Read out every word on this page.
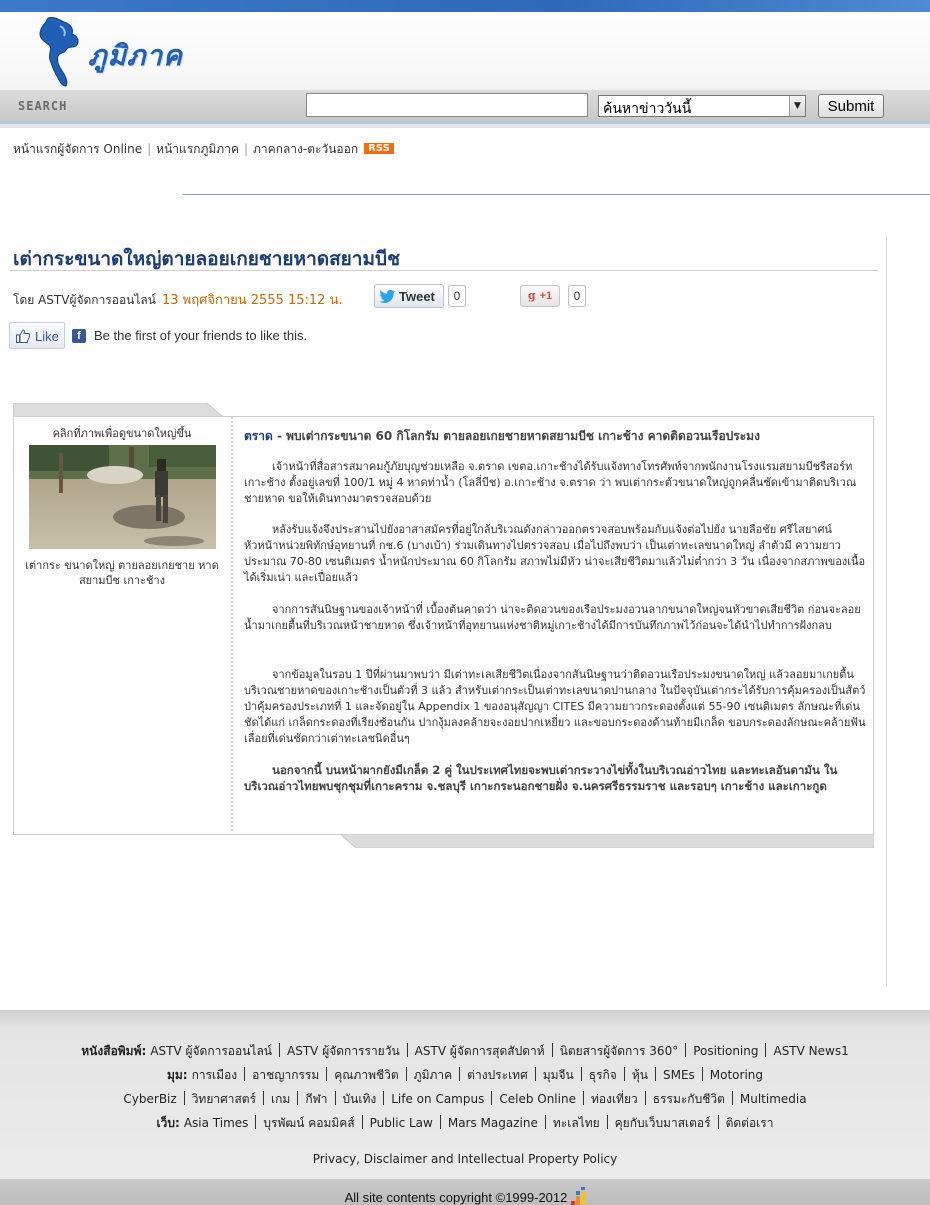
ภูมิภาค
SEARCH	ค้นหาข่าววันนี้	▼	Submit
หน้าแรกผู้จัดการ Online | หน้าแรกภูมิภาค | ภาคกลาง-ตะวันออก RSS
เต่ากระขนาดใหญ่ตายลอยเกยชายหาดสยามบีช
โดย ASTVผู้จัดการออนไลน์ 13 พฤศจิกายน 2555 15:12 น.	Tweet	0	g +1	0
Like	f	Be the first of your friends to like this.
คลิกที่ภาพเพื่อดูขนาดใหญ่ขึ้น
เต่ากระ ขนาดใหญ่ ตายลอยเกยชาย หาดสยามบีช เกาะช้าง
ตราด - พบเต่ากระขนาด 60 กิโลกรัม ตายลอยเกยชายหาดสยามบีช เกาะช้าง คาดติดอวนเรือประมง

เจ้าหน้าที่สื่อสารสมาคมกู้ภัยบุญช่วยเหลือ จ.ตราด เขตอ.เกาะช้างได้รับแจ้งทางโทรศัพท์จากพนักงานโรงแรมสยามบีชรีสอร์ทเกาะช้าง ตั้งอยู่เลขที่ 100/1 หมู่ 4 หาดท่าน้ำ (โลลี่บีช) อ.เกาะช้าง จ.ตราด ว่า พบเต่ากระตัวขนาดใหญ่ถูกคลื่นซัดเข้ามาติดบริเวณชายหาด ขอให้เดินทางมาตรวจสอบด้วย

หลังรับแจ้งจึงประสานไปยังอาสาสมัครที่อยู่ใกล้บริเวณดังกล่าวออกตรวจสอบพร้อมกับแจ้งต่อไปยัง นายลือชัย ศรีไสยาศน์ หัวหน้าหน่วยพิทักษ์อุทยานที่ กช.6 (บางเบ้า) ร่วมเดินทางไปตรวจสอบ เมื่อไปถึงพบว่า เป็นเต่าทะเลขนาดใหญ่ ลำตัวมี ความยาวประมาณ 70-80 เซนติเมตร น้ำหนักประมาณ 60 กิโลกรัม สภาพไม่มีหัว น่าจะเสียชีวิตมาแล้วไม่ต่ำกว่า 3 วัน เนื่องจากสภาพของเนื้อได้เริ่มเน่า และเปื่อยแล้ว

จากการสันนิษฐานของเจ้าหน้าที่ เบื้องต้นคาดว่า น่าจะติดอวนของเรือประมงอวนลากขนาดใหญ่จนหัวขาดเสียชีวิต ก่อนจะลอยน้ำมาเกยตื้นที่บริเวณหน้าชายหาด ซึ่งเจ้าหน้าที่อุทยานแห่งชาติหมู่เกาะช้างได้มีการบันทึกภาพไว้ก่อนจะได้นำไปทำการฝังกลบ

จากข้อมูลในรอบ 1 ปีที่ผ่านมาพบว่า มีเต่าทะเลเสียชีวิตเนื่องจากสันนิษฐานว่าติดอวนเรือประมงขนาดใหญ่ แล้วลอยมาเกยตื้นบริเวณชายหาดของเกาะช้างเป็นตัวที่ 3 แล้ว สำหรับเต่ากระเป็นเต่าทะเลขนาดปานกลาง ในปัจจุบันเต่ากระได้รับการคุ้มครองเป็นสัตว์ป่าคุ้มครองประเภทที่ 1 และจัดอยู่ใน Appendix 1 ของอนุสัญญา CITES มีความยาวกระดองตั้งแต่ 55-90 เซนติเมตร ลักษณะที่เด่นชัดได้แก่ เกล็ดกระดองที่เรียงซ้อนกัน ปากงุ้มลงคล้ายจะงอยปากเหยี่ยว และขอบกระดองด้านท้ายมีเกล็ด ขอบกระดองลักษณะคล้ายฟันเลื่อยที่เด่นชัดกว่าเต่าทะเลชนิดอื่นๆ

นอกจากนี้ บนหน้าผากยังมีเกล็ด 2 คู่ ในประเทศไทยจะพบเต่ากระวางไข่ทั้งในบริเวณอ่าวไทย และทะเลอันดามัน ในบริเวณอ่าวไทยพบชุกชุมที่เกาะคราม จ.ชลบุรี เกาะกระนอกชายฝั่ง จ.นครศรีธรรมราช และรอบๆ เกาะช้าง และเกาะกูด

หนังสือพิมพ์: ASTV ผู้จัดการออนไลน์ ASTV ผู้จัดการรายวัน ASTV ผู้จัดการสุดสัปดาห์ นิตยสารผู้จัดการ 360° Positioning ASTV News1
มุม: การเมือง อาชญากรรม คุณภาพชีวิต ภูมิภาค ต่างประเทศ มุมจีน ธุรกิจ หุ้น SMEs Motoring
CyberBiz วิทยาศาสตร์ เกม กีฬา บันเทิง Life on Campus Celeb Online ท่องเที่ยว ธรรมะกับชีวิต Multimedia
เว็บ: Asia Times บุรพัฒน์ คอมมิคส์ Public Law Mars Magazine ทะเลไทย คุยกับเว็บมาสเตอร์ ติดต่อเรา
Privacy, Disclaimer and Intellectual Property Policy
All site contents copyright ©1999-2012
